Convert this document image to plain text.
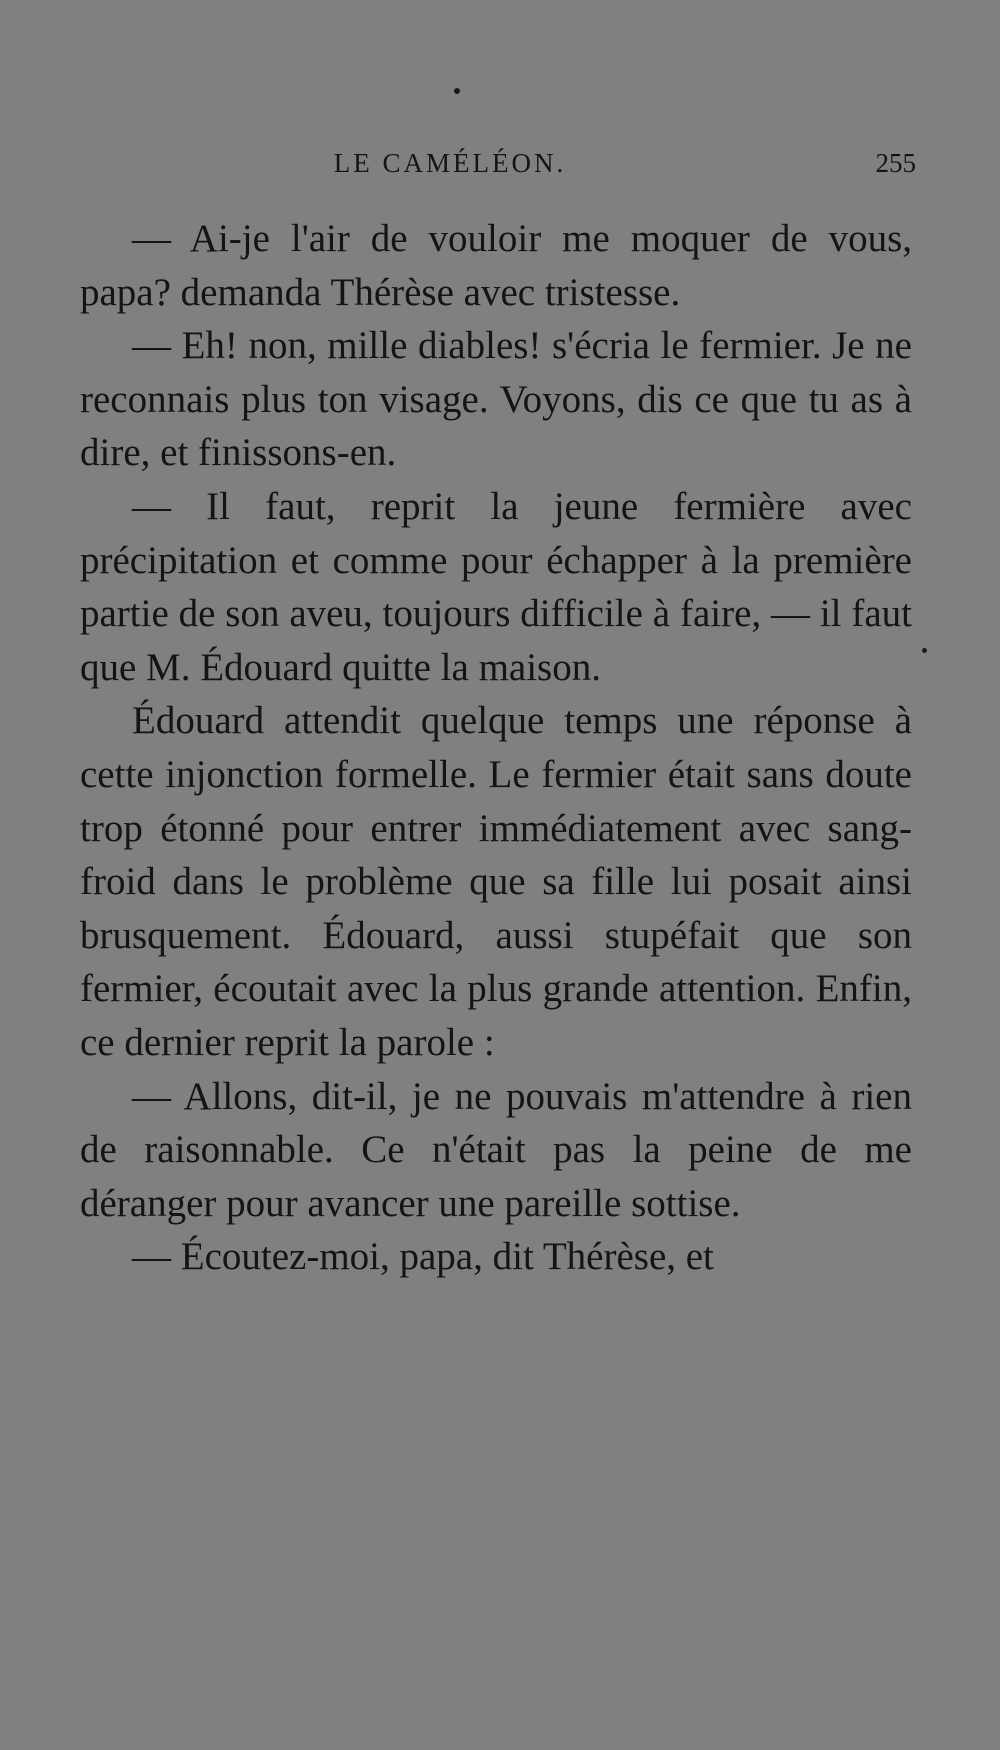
LE CAMÉLÉON.	255

— Ai-je l'air de vouloir me moquer de vous, papa? demanda Thérèse avec tristesse.

— Eh! non, mille diables! s'écria le fermier. Je ne reconnais plus ton visage. Voyons, dis ce que tu as à dire, et finissons-en.

— Il faut, reprit la jeune fermière avec précipitation et comme pour échapper à la première partie de son aveu, toujours difficile à faire, — il faut que M. Édouard quitte la maison.

Édouard attendit quelque temps une réponse à cette injonction formelle. Le fermier était sans doute trop étonné pour entrer immédiatement avec sang-froid dans le problème que sa fille lui posait ainsi brusquement. Édouard, aussi stupéfait que son fermier, écoutait avec la plus grande attention. Enfin, ce dernier reprit la parole :

— Allons, dit-il, je ne pouvais m'attendre à rien de raisonnable. Ce n'était pas la peine de me déranger pour avancer une pareille sottise.

— Écoutez-moi, papa, dit Thérèse, et
